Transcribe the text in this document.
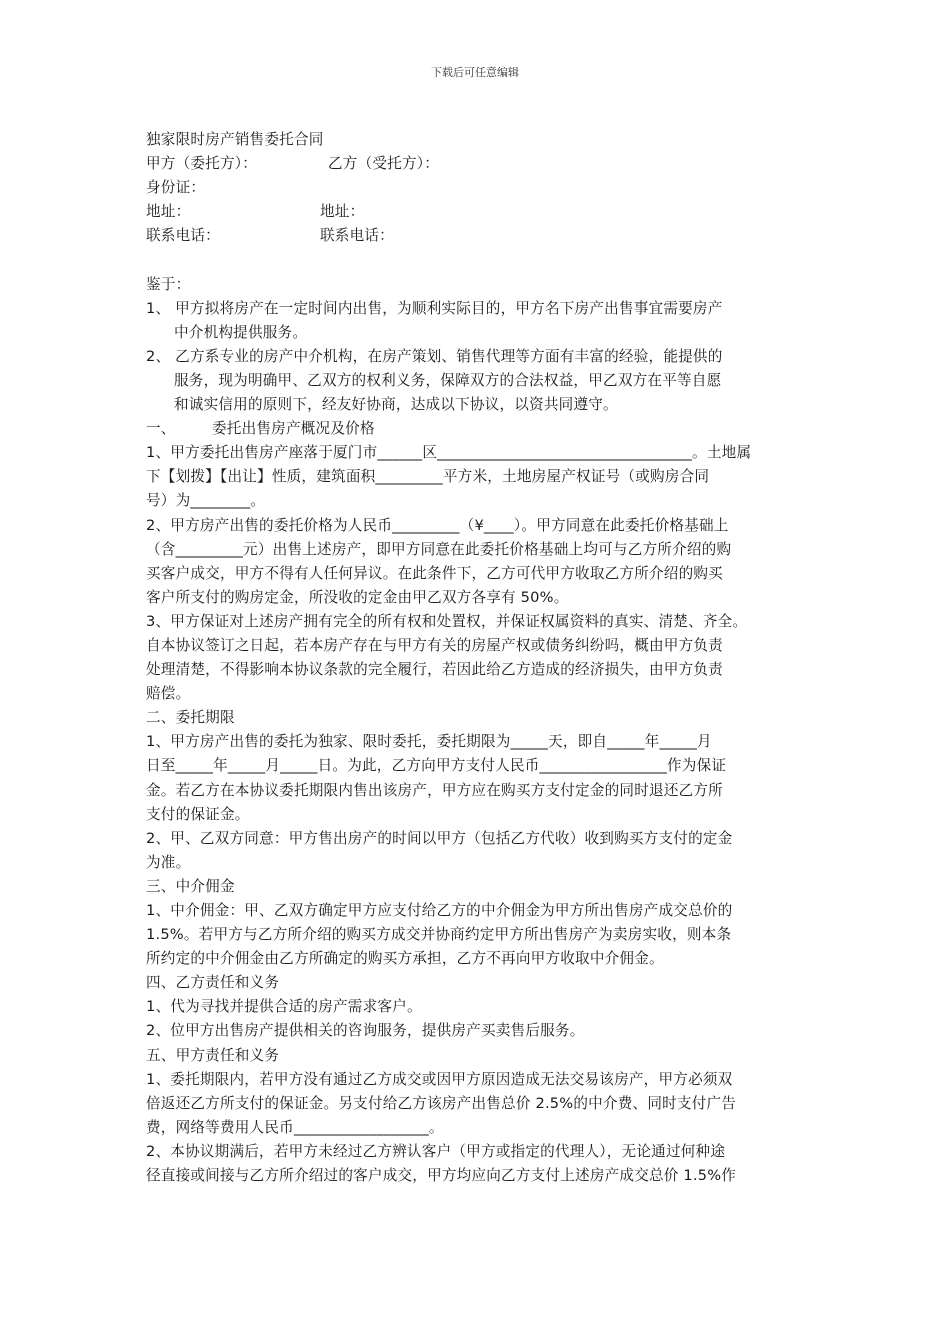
下载后可任意编辑
独家限时房产销售委托合同
甲方（委托方）：	乙方（受托方）：
身份证：
地址：	地址：
联系电话：	联系电话：
鉴于：
1、 甲方拟将房产在一定时间内出售，为顺利实际目的，甲方名下房产出售事宜需要房产
中介机构提供服务。
2、 乙方系专业的房产中介机构，在房产策划、销售代理等方面有丰富的经验，能提供的
服务，现为明确甲、乙双方的权利义务，保障双方的合法权益，甲乙双方在平等自愿
和诚实信用的原则下，经友好协商，达成以下协议，以资共同遵守。
一、 委托出售房产概况及价格
1、甲方委托出售房产座落于厦门市______区__________________________________。土地属
下【划拨】【出让】性质，建筑面积_________平方米，土地房屋产权证号（或购房合同
号）为________。
2、甲方房产出售的委托价格为人民币_________（¥____）。甲方同意在此委托价格基础上
（含_________元）出售上述房产，即甲方同意在此委托价格基础上均可与乙方所介绍的购
买客户成交，甲方不得有人任何异议。在此条件下，乙方可代甲方收取乙方所介绍的购买
客户所支付的购房定金，所没收的定金由甲乙双方各享有 50%。
3、甲方保证对上述房产拥有完全的所有权和处置权，并保证权属资料的真实、清楚、齐全。
自本协议签订之日起，若本房产存在与甲方有关的房屋产权或债务纠纷吗，概由甲方负责
处理清楚，不得影响本协议条款的完全履行，若因此给乙方造成的经济损失，由甲方负责
赔偿。
二、委托期限
1、甲方房产出售的委托为独家、限时委托，委托期限为_____天，即自_____年_____月
日至_____年_____月_____日。为此，乙方向甲方支付人民币_________________作为保证
金。若乙方在本协议委托期限内售出该房产，甲方应在购买方支付定金的同时退还乙方所
支付的保证金。
2、甲、乙双方同意：甲方售出房产的时间以甲方（包括乙方代收）收到购买方支付的定金
为准。
三、中介佣金
1、中介佣金：甲、乙双方确定甲方应支付给乙方的中介佣金为甲方所出售房产成交总价的
1.5%。若甲方与乙方所介绍的购买方成交并协商约定甲方所出售房产为卖房实收，则本条
所约定的中介佣金由乙方所确定的购买方承担，乙方不再向甲方收取中介佣金。
四、乙方责任和义务
1、代为寻找并提供合适的房产需求客户。
2、位甲方出售房产提供相关的咨询服务，提供房产买卖售后服务。
五、甲方责任和义务
1、委托期限内，若甲方没有通过乙方成交或因甲方原因造成无法交易该房产，甲方必须双
倍返还乙方所支付的保证金。另支付给乙方该房产出售总价 2.5%的中介费、同时支付广告
费，网络等费用人民币__________________。
2、本协议期满后，若甲方未经过乙方辨认客户（甲方或指定的代理人），无论通过何种途
径直接或间接与乙方所介绍过的客户成交，甲方均应向乙方支付上述房产成交总价 1.5%作
